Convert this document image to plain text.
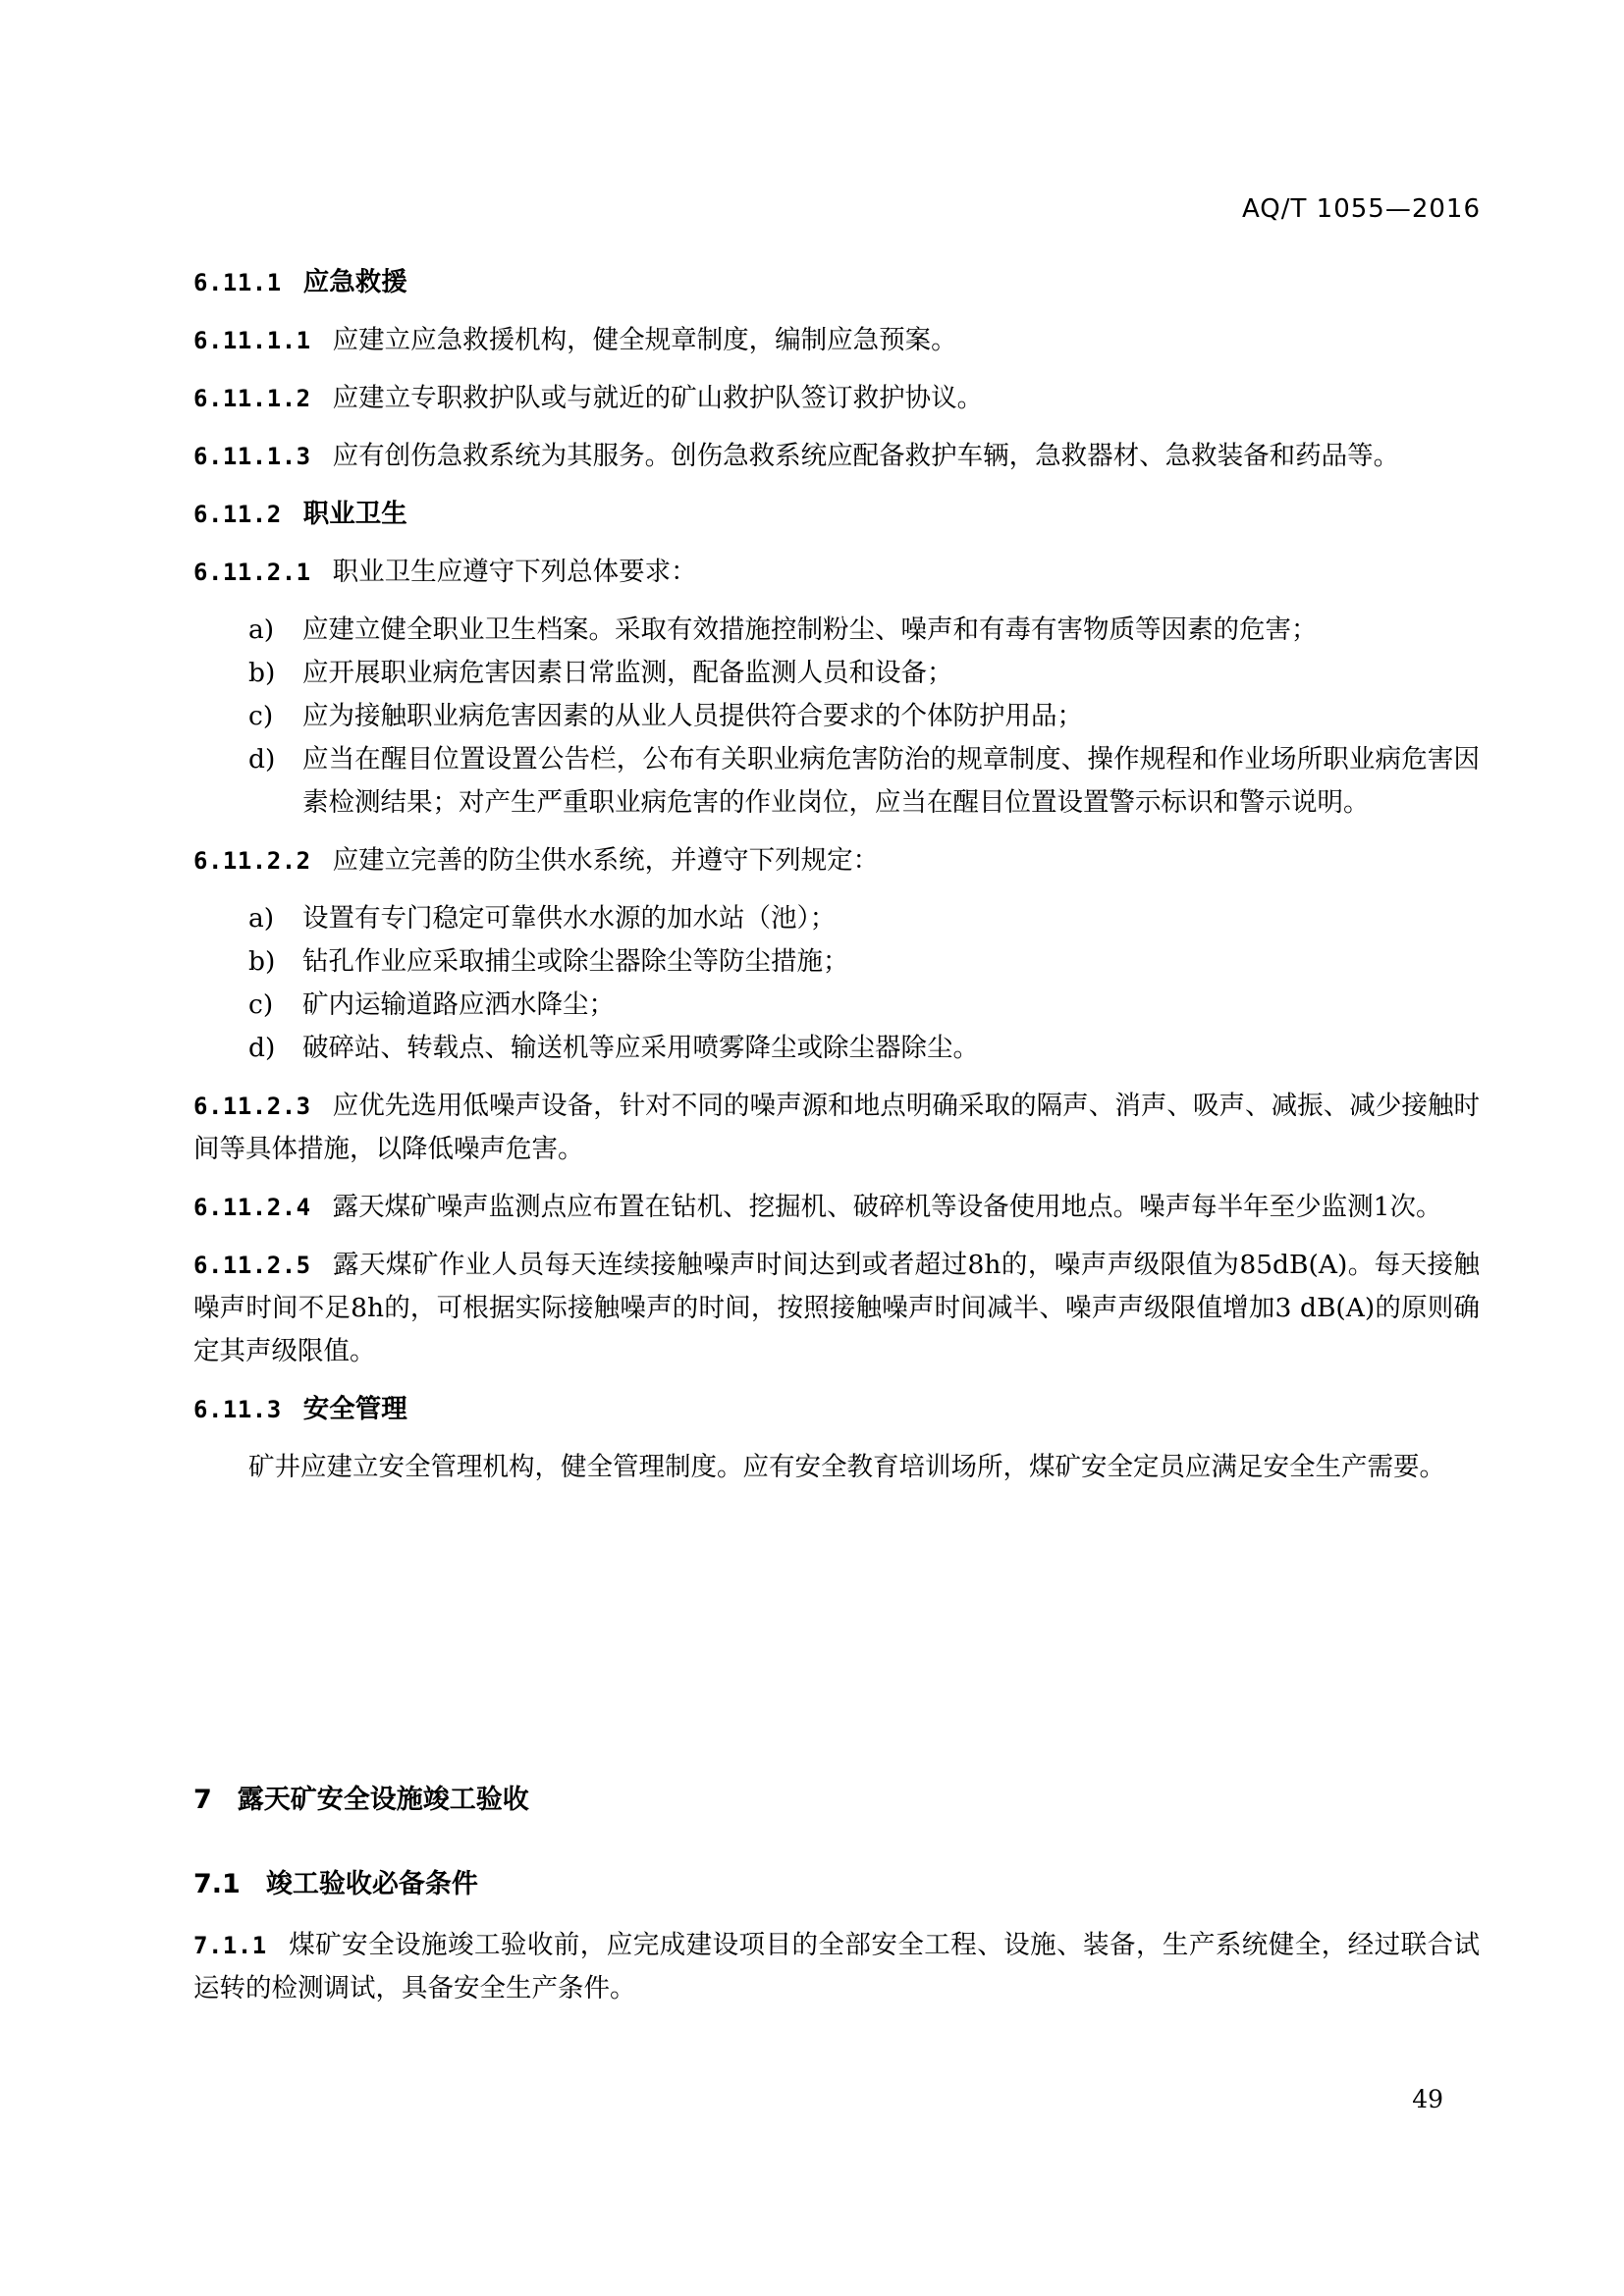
AQ/T 1055—2016
6.11.1 应急救援
6.11.1.1 应建立应急救援机构，健全规章制度，编制应急预案。
6.11.1.2 应建立专职救护队或与就近的矿山救护队签订救护协议。
6.11.1.3 应有创伤急救系统为其服务。创伤急救系统应配备救护车辆，急救器材、急救装备和药品等。
6.11.2 职业卫生
6.11.2.1 职业卫生应遵守下列总体要求：
a) 应建立健全职业卫生档案。采取有效措施控制粉尘、噪声和有毒有害物质等因素的危害；
b) 应开展职业病危害因素日常监测，配备监测人员和设备；
c) 应为接触职业病危害因素的从业人员提供符合要求的个体防护用品；
d) 应当在醒目位置设置公告栏，公布有关职业病危害防治的规章制度、操作规程和作业场所职业病危害因素检测结果；对产生严重职业病危害的作业岗位，应当在醒目位置设置警示标识和警示说明。
6.11.2.2 应建立完善的防尘供水系统，并遵守下列规定：
a) 设置有专门稳定可靠供水水源的加水站（池）；
b) 钻孔作业应采取捕尘或除尘器除尘等防尘措施；
c) 矿内运输道路应洒水降尘；
d) 破碎站、转载点、输送机等应采用喷雾降尘或除尘器除尘。
6.11.2.3 应优先选用低噪声设备，针对不同的噪声源和地点明确采取的隔声、消声、吸声、减振、减少接触时间等具体措施，以降低噪声危害。
6.11.2.4 露天煤矿噪声监测点应布置在钻机、挖掘机、破碎机等设备使用地点。噪声每半年至少监测1次。
6.11.2.5 露天煤矿作业人员每天连续接触噪声时间达到或者超过8h的，噪声声级限值为85dB(A)。每天接触噪声时间不足8h的，可根据实际接触噪声的时间，按照接触噪声时间减半、噪声声级限值增加3 dB(A)的原则确定其声级限值。
6.11.3 安全管理
矿井应建立安全管理机构，健全管理制度。应有安全教育培训场所，煤矿安全定员应满足安全生产需要。
7 露天矿安全设施竣工验收
7.1 竣工验收必备条件
7.1.1 煤矿安全设施竣工验收前，应完成建设项目的全部安全工程、设施、装备，生产系统健全，经过联合试运转的检测调试，具备安全生产条件。
49
